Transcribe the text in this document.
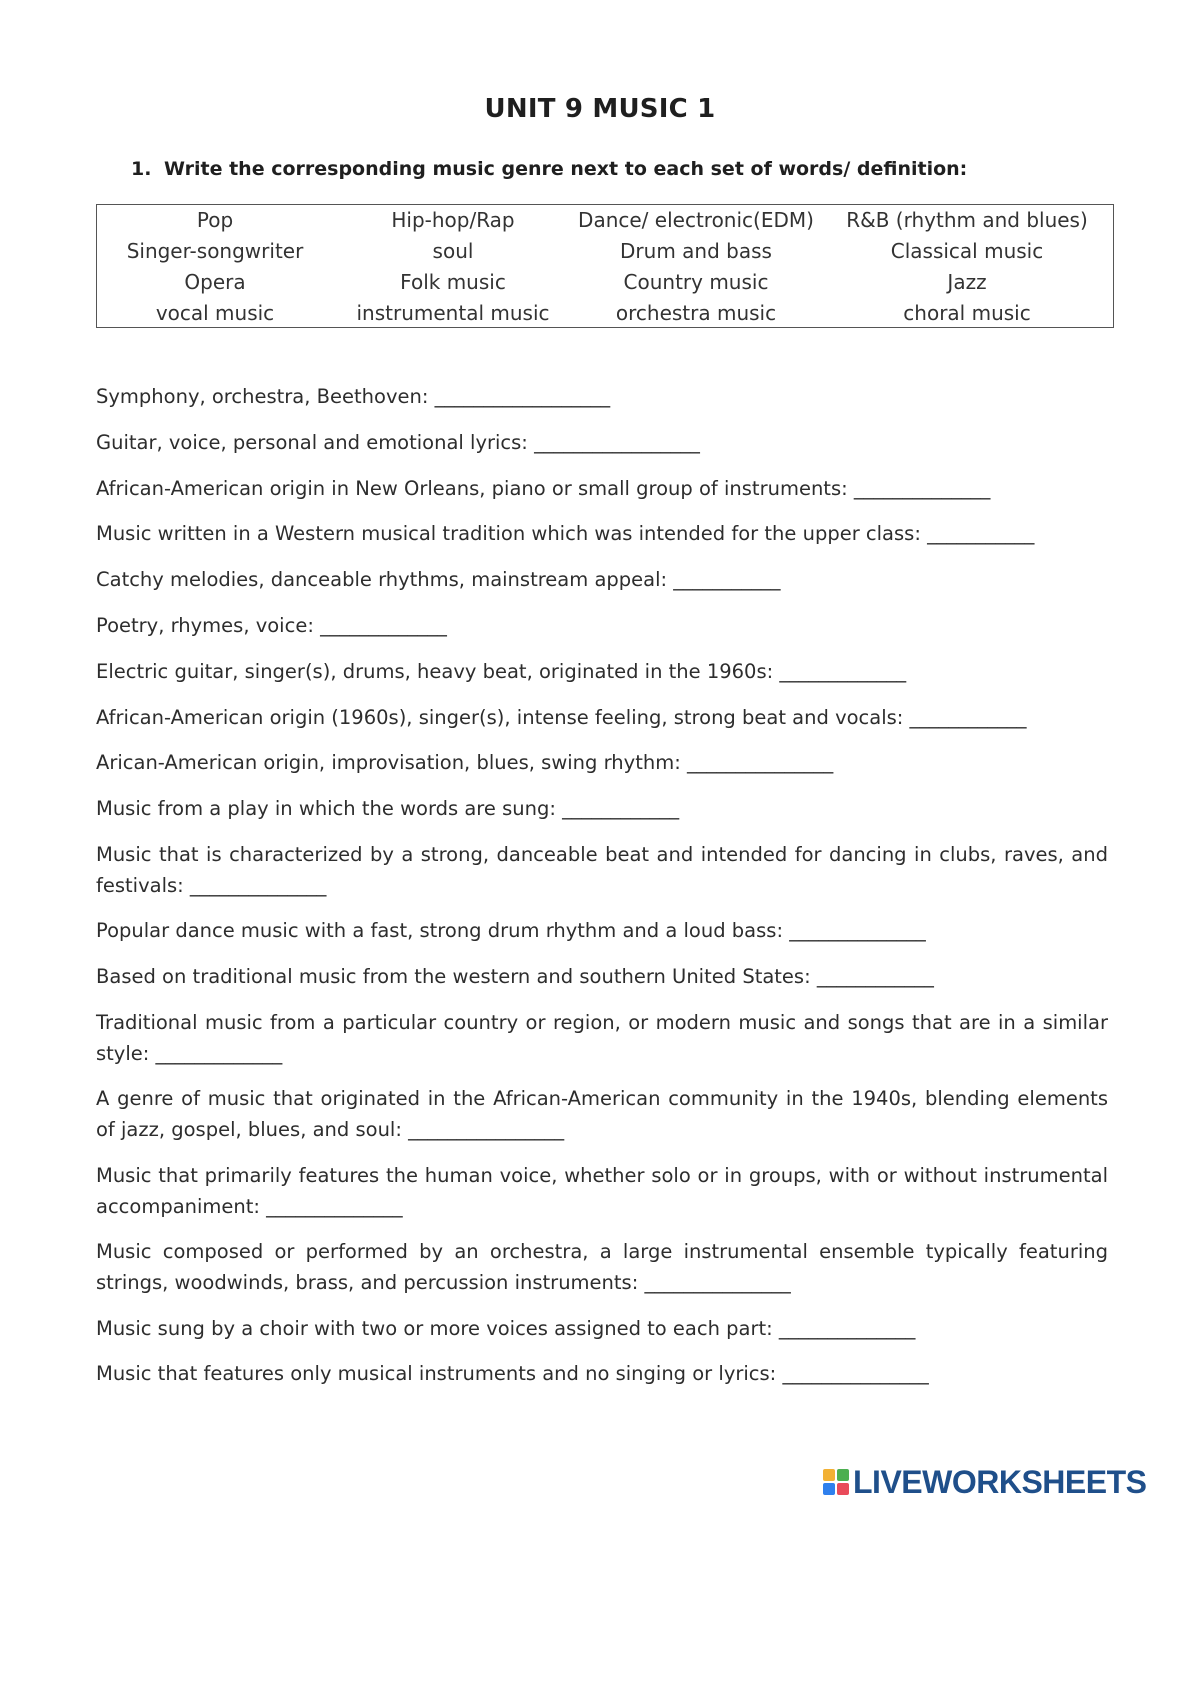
UNIT 9 MUSIC 1
1. Write the corresponding music genre next to each set of words/ definition:
Pop	Hip-hop/Rap	Dance/ electronic(EDM)	R&B (rhythm and blues)
Singer-songwriter	soul	Drum and bass	Classical music
Opera	Folk music	Country music	Jazz
vocal music	instrumental music	orchestra music	choral music
Symphony, orchestra, Beethoven: __________________
Guitar, voice, personal and emotional lyrics: _________________
African-American origin in New Orleans, piano or small group of instruments: ______________
Music written in a Western musical tradition which was intended for the upper class: ___________
Catchy melodies, danceable rhythms, mainstream appeal: ___________
Poetry, rhymes, voice: _____________
Electric guitar, singer(s), drums, heavy beat, originated in the 1960s: _____________
African-American origin (1960s), singer(s), intense feeling, strong beat and vocals: ____________
Arican-American origin, improvisation, blues, swing rhythm: _______________
Music from a play in which the words are sung: ____________
Music that is characterized by a strong, danceable beat and intended for dancing in clubs, raves, and festivals: ______________
Popular dance music with a fast, strong drum rhythm and a loud bass: ______________
Based on traditional music from the western and southern United States: ____________
Traditional music from a particular country or region, or modern music and songs that are in a similar style: _____________
A genre of music that originated in the African-American community in the 1940s, blending elements of jazz, gospel, blues, and soul: ________________
Music that primarily features the human voice, whether solo or in groups, with or without instrumental accompaniment: ______________
Music composed or performed by an orchestra, a large instrumental ensemble typically featuring strings, woodwinds, brass, and percussion instruments: _______________
Music sung by a choir with two or more voices assigned to each part: ______________
Music that features only musical instruments and no singing or lyrics: _______________
LIVEWORKSHEETS
